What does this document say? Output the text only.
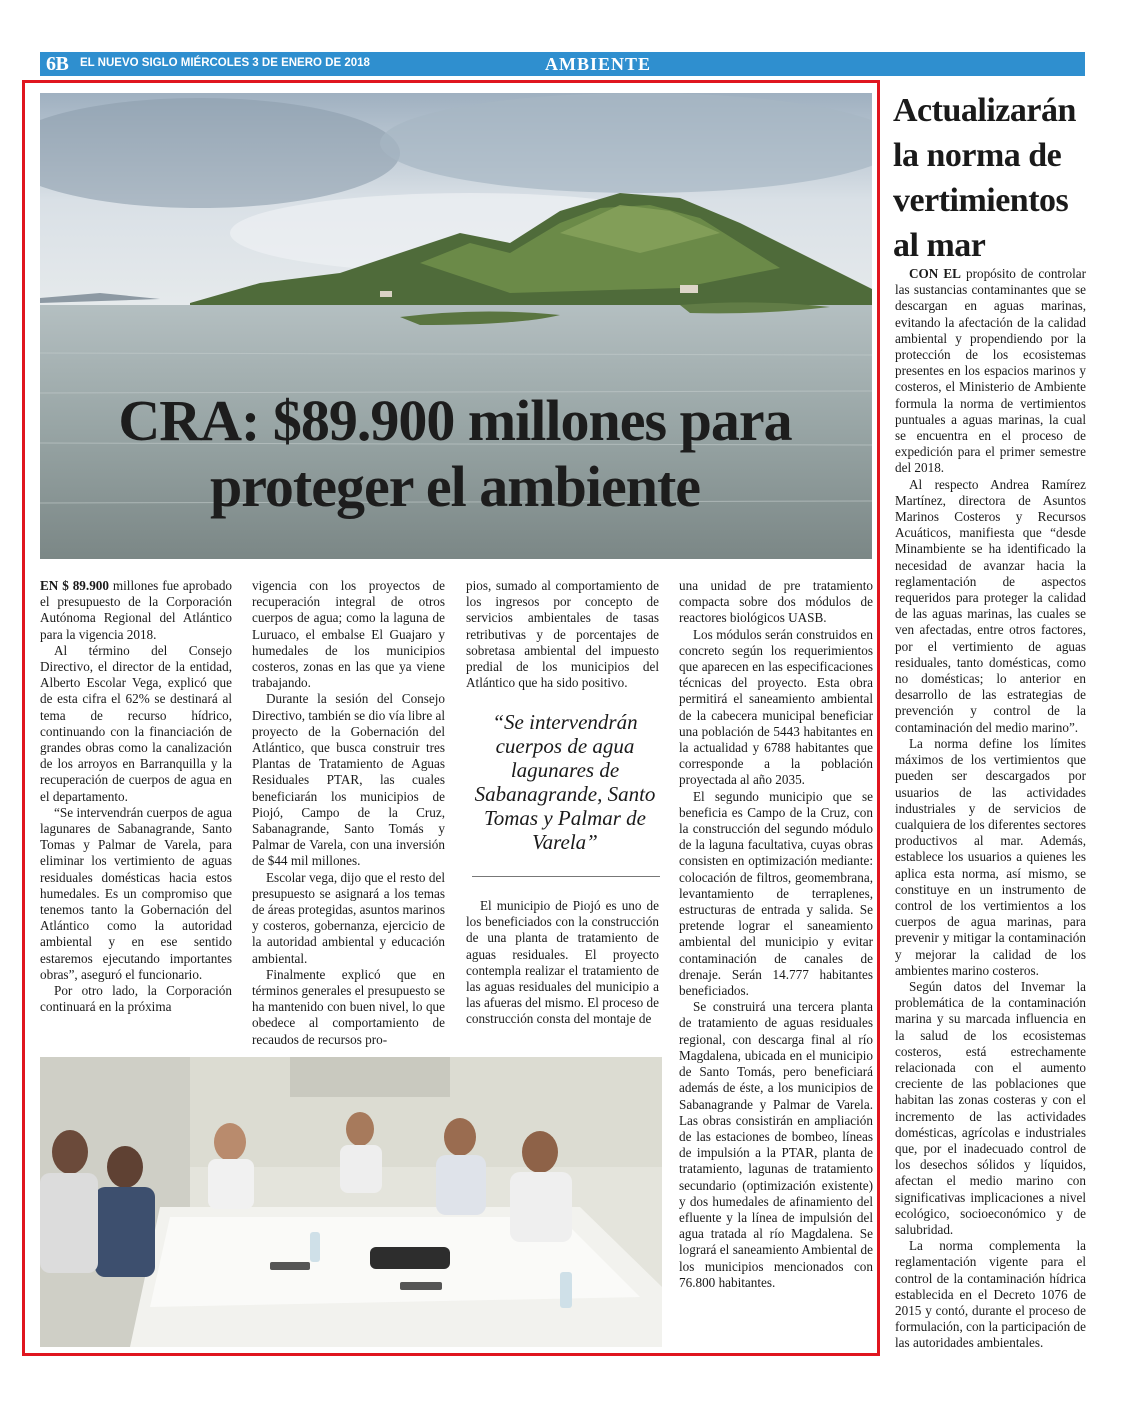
6B EL NUEVO SIGLO MIÉRCOLES 3 DE ENERO DE 2018	AMBIENTE
CRA: $89.900 millones para
proteger el ambiente

EN $ 89.900 millones fue aprobado el presupuesto de la Corporación Autónoma Regional del Atlántico para la vigencia 2018.

Al término del Consejo Directivo, el director de la entidad, Alberto Escolar Vega, explicó que de esta cifra el 62% se destinará al tema de recurso hídrico, continuando con la financiación de grandes obras como la canalización de los arroyos en Barranquilla y la recuperación de cuerpos de agua en el departamento.

“Se intervendrán cuerpos de agua lagunares de Sabanagrande, Santo Tomas y Palmar de Varela, para eliminar los vertimiento de aguas residuales domésticas hacia estos humedales. Es un compromiso que tenemos tanto la Gobernación del Atlántico como la autoridad ambiental y en ese sentido estaremos ejecutando importantes obras”, aseguró el funcionario.

Por otro lado, la Corporación continuará en la próxima

vigencia con los proyectos de recuperación integral de otros cuerpos de agua; como la laguna de Luruaco, el embalse El Guajaro y humedales de los municipios costeros, zonas en las que ya viene trabajando.

Durante la sesión del Consejo Directivo, también se dio vía libre al proyecto de la Gobernación del Atlántico, que busca construir tres Plantas de Tratamiento de Aguas Residuales PTAR, las cuales beneficiarán los municipios de Piojó, Campo de la Cruz, Sabanagrande, Santo Tomás y Palmar de Varela, con una inversión de $44 mil millones.

Escolar vega, dijo que el resto del presupuesto se asignará a los temas de áreas protegidas, asuntos marinos y costeros, gobernanza, ejercicio de la autoridad ambiental y educación ambiental.

Finalmente explicó que en términos generales el presupuesto se ha mantenido con buen nivel, lo que obedece al comportamiento de recaudos de recursos pro-

pios, sumado al comportamiento de los ingresos por concepto de servicios ambientales de tasas retributivas y de porcentajes de sobretasa ambiental del impuesto predial de los municipios del Atlántico que ha sido positivo.

“Se intervendrán cuerpos de agua lagunares de Sabanagrande, Santo Tomas y Palmar de Varela”

El municipio de Piojó es uno de los beneficiados con la construcción de una planta de tratamiento de aguas residuales. El proyecto contempla realizar el tratamiento de las aguas residuales del municipio a las afueras del mismo. El proceso de construcción consta del montaje de

una unidad de pre tratamiento compacta sobre dos módulos de reactores biológicos UASB.

Los módulos serán construidos en concreto según los requerimientos que aparecen en las especificaciones técnicas del proyecto. Esta obra permitirá el saneamiento ambiental de la cabecera municipal beneficiar una población de 5443 habitantes en la actualidad y 6788 habitantes que corresponde a la población proyectada al año 2035.

El segundo municipio que se beneficia es Campo de la Cruz, con la construcción del segundo módulo de la laguna facultativa, cuyas obras consisten en optimización mediante: colocación de filtros, geomembrana, levantamiento de terraplenes, estructuras de entrada y salida. Se pretende lograr el saneamiento ambiental del municipio y evitar contaminación de canales de drenaje. Serán 14.777 habitantes beneficiados.

Se construirá una tercera planta de tratamiento de aguas residuales regional, con descarga final al río Magdalena, ubicada en el municipio de Santo Tomás, pero beneficiará además de éste, a los municipios de Sabanagrande y Palmar de Varela. Las obras consistirán en ampliación de las estaciones de bombeo, líneas de impulsión a la PTAR, planta de tratamiento, lagunas de tratamiento secundario (optimización existente) y dos humedales de afinamiento del efluente y la línea de impulsión del agua tratada al río Magdalena. Se logrará el saneamiento Ambiental de los municipios mencionados con 76.800 habitantes.

Actualizarán la norma de vertimientos al mar

CON EL propósito de controlar las sustancias contaminantes que se descargan en aguas marinas, evitando la afectación de la calidad ambiental y propendiendo por la protección de los ecosistemas presentes en los espacios marinos y costeros, el Ministerio de Ambiente formula la norma de vertimientos puntuales a aguas marinas, la cual se encuentra en el proceso de expedición para el primer semestre del 2018.

Al respecto Andrea Ramírez Martínez, directora de Asuntos Marinos Costeros y Recursos Acuáticos, manifiesta que “desde Minambiente se ha identificado la necesidad de avanzar hacia la reglamentación de aspectos requeridos para proteger la calidad de las aguas marinas, las cuales se ven afectadas, entre otros factores, por el vertimiento de aguas residuales, tanto domésticas, como no domésticas; lo anterior en desarrollo de las estrategias de prevención y control de la contaminación del medio marino”.

La norma define los límites máximos de los vertimientos que pueden ser descargados por usuarios de las actividades industriales y de servicios de cualquiera de los diferentes sectores productivos al mar. Además, establece los usuarios a quienes les aplica esta norma, así mismo, se constituye en un instrumento de control de los vertimientos a los cuerpos de agua marinas, para prevenir y mitigar la contaminación y mejorar la calidad de los ambientes marino costeros.

Según datos del Invemar la problemática de la contaminación marina y su marcada influencia en la salud de los ecosistemas costeros, está estrechamente relacionada con el aumento creciente de las poblaciones que habitan las zonas costeras y con el incremento de las actividades domésticas, agrícolas e industriales que, por el inadecuado control de los desechos sólidos y líquidos, afectan el medio marino con significativas implicaciones a nivel ecológico, socioeconómico y de salubridad.

La norma complementa la reglamentación vigente para el control de la contaminación hídrica establecida en el Decreto 1076 de 2015 y contó, durante el proceso de formulación, con la participación de las autoridades ambientales.
